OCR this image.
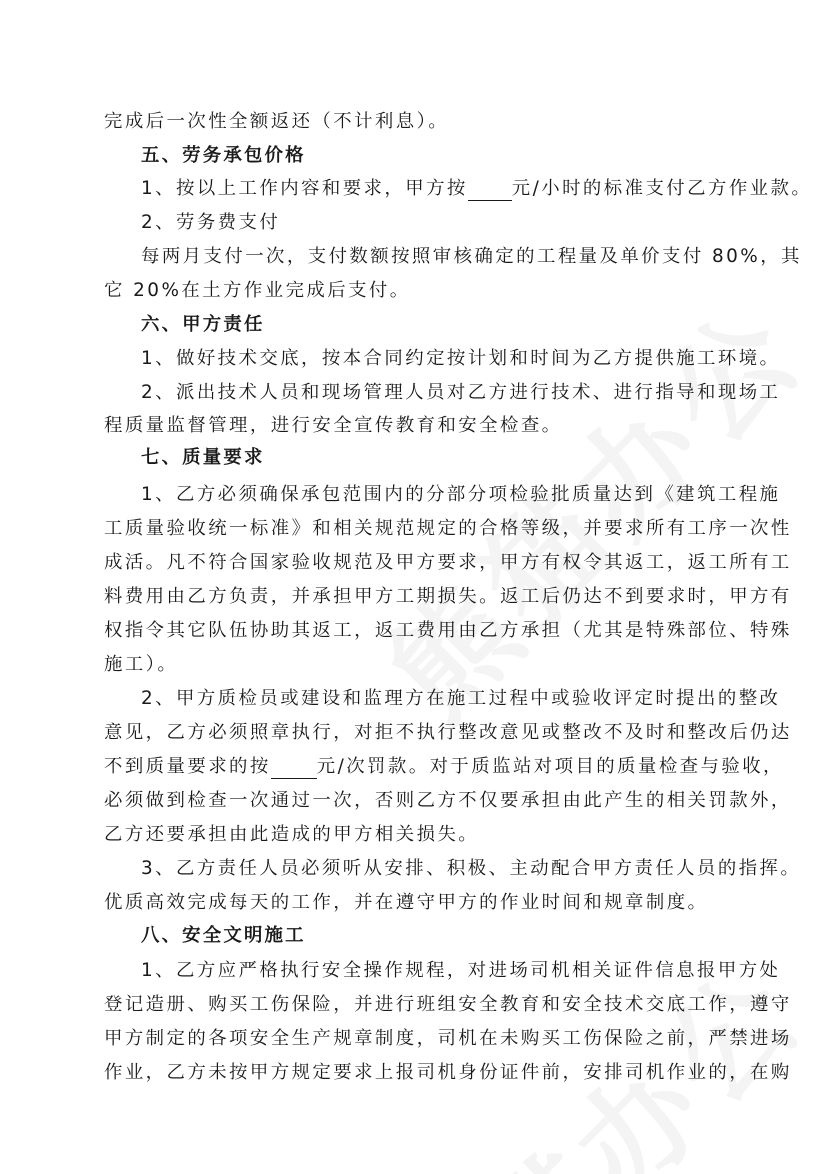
完成后一次性全额返还（不计利息）。
五、劳务承包价格
1、按以上工作内容和要求，甲方按 元/小时的标准支付乙方作业款。
2、劳务费支付
每两月支付一次，支付数额按照审核确定的工程量及单价支付 80%，其
它 20%在土方作业完成后支付。
六、甲方责任
1、做好技术交底，按本合同约定按计划和时间为乙方提供施工环境。
2、派出技术人员和现场管理人员对乙方进行技术、进行指导和现场工
程质量监督管理，进行安全宣传教育和安全检查。
七、质量要求
1、乙方必须确保承包范围内的分部分项检验批质量达到《建筑工程施
工质量验收统一标准》和相关规范规定的合格等级，并要求所有工序一次性
成活。凡不符合国家验收规范及甲方要求，甲方有权令其返工，返工所有工
料费用由乙方负责，并承担甲方工期损失。返工后仍达不到要求时，甲方有
权指令其它队伍协助其返工，返工费用由乙方承担（尤其是特殊部位、特殊
施工）。
2、甲方质检员或建设和监理方在施工过程中或验收评定时提出的整改
意见，乙方必须照章执行，对拒不执行整改意见或整改不及时和整改后仍达
不到质量要求的按	元/次罚款。对于质监站对项目的质量检查与验收，
必须做到检查一次通过一次，否则乙方不仅要承担由此产生的相关罚款外，
乙方还要承担由此造成的甲方相关损失。
3、乙方责任人员必须听从安排、积极、主动配合甲方责任人员的指挥。
优质高效完成每天的工作，并在遵守甲方的作业时间和规章制度。
八、安全文明施工
1、乙方应严格执行安全操作规程，对进场司机相关证件信息报甲方处
登记造册、购买工伤保险，并进行班组安全教育和安全技术交底工作，遵守
甲方制定的各项安全生产规章制度，司机在未购买工伤保险之前，严禁进场
作业，乙方未按甲方规定要求上报司机身份证件前，安排司机作业的，在购
